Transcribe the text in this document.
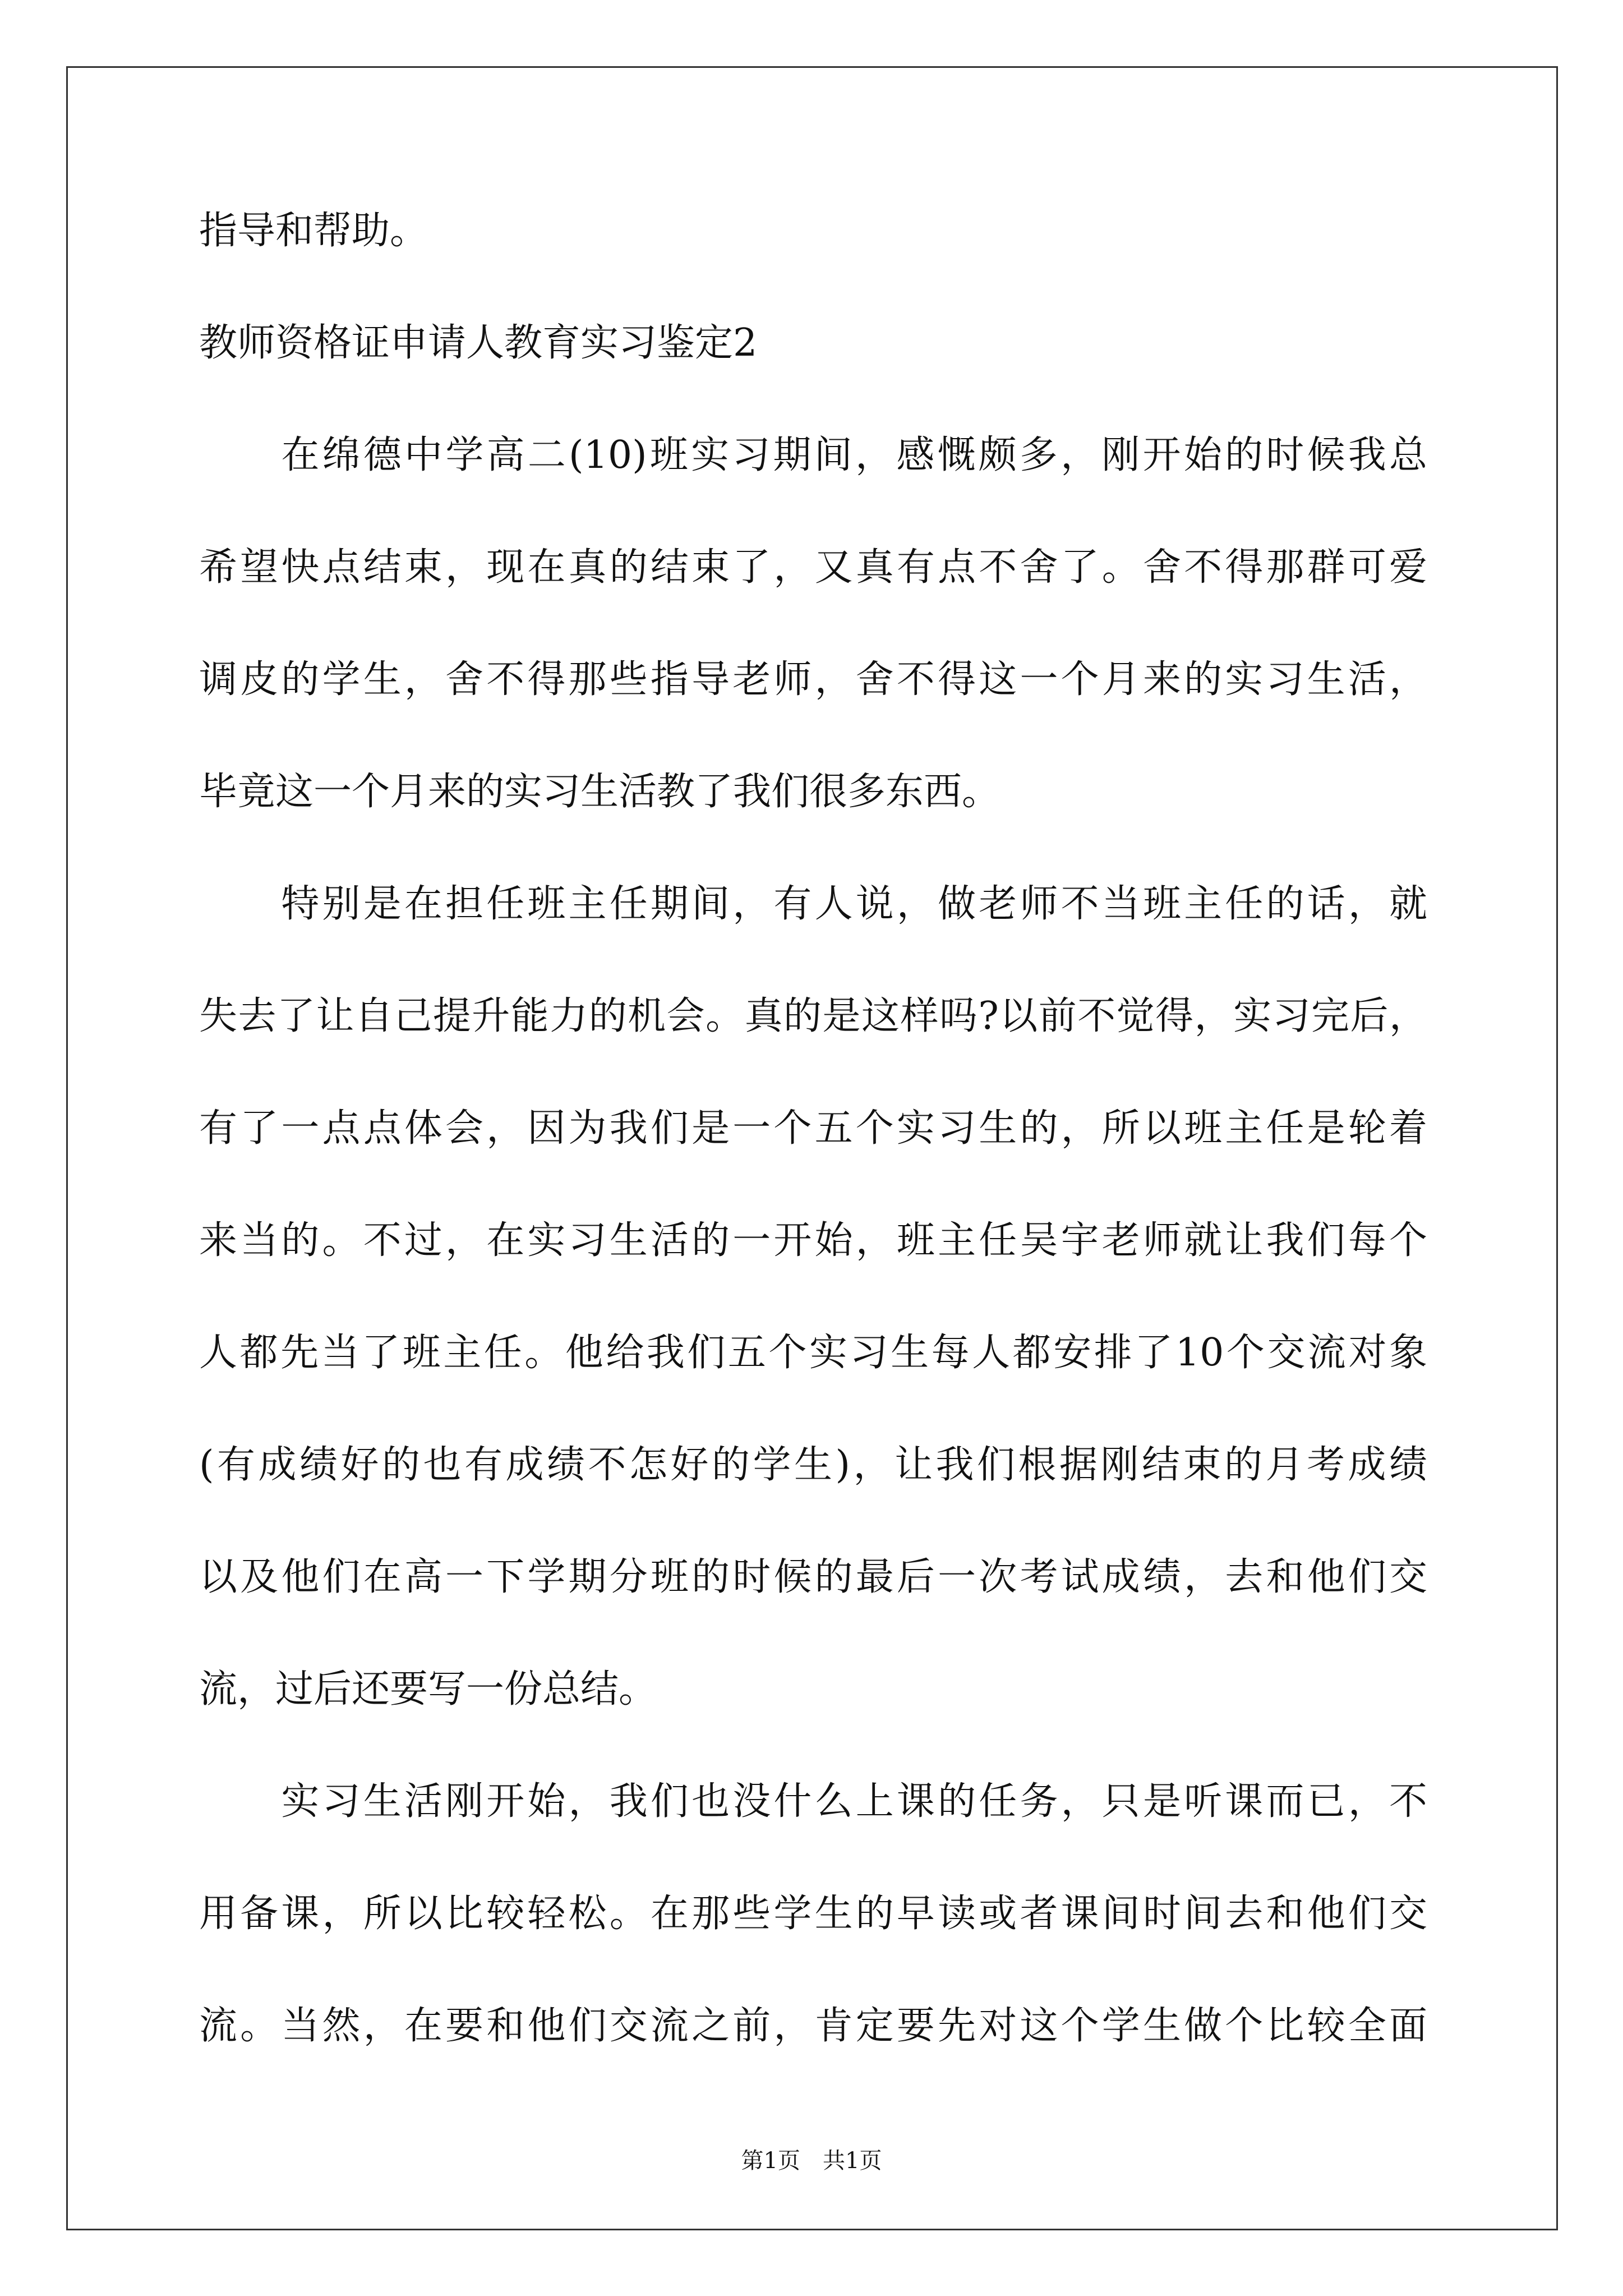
指导和帮助。
教师资格证申请人教育实习鉴定2
　　在绵德中学高二(10)班实习期间，感慨颇多，刚开始的时候我总
希望快点结束，现在真的结束了，又真有点不舍了。舍不得那群可爱
调皮的学生，舍不得那些指导老师，舍不得这一个月来的实习生活，
毕竟这一个月来的实习生活教了我们很多东西。
　　特别是在担任班主任期间，有人说，做老师不当班主任的话，就
失去了让自己提升能力的机会。真的是这样吗?以前不觉得，实习完后，
有了一点点体会，因为我们是一个五个实习生的，所以班主任是轮着
来当的。不过，在实习生活的一开始，班主任吴宇老师就让我们每个
人都先当了班主任。他给我们五个实习生每人都安排了10个交流对象
(有成绩好的也有成绩不怎好的学生)，让我们根据刚结束的月考成绩
以及他们在高一下学期分班的时候的最后一次考试成绩，去和他们交
流，过后还要写一份总结。
　　实习生活刚开始，我们也没什么上课的任务，只是听课而已，不
用备课，所以比较轻松。在那些学生的早读或者课间时间去和他们交
流。当然，在要和他们交流之前，肯定要先对这个学生做个比较全面
第1页　共1页
